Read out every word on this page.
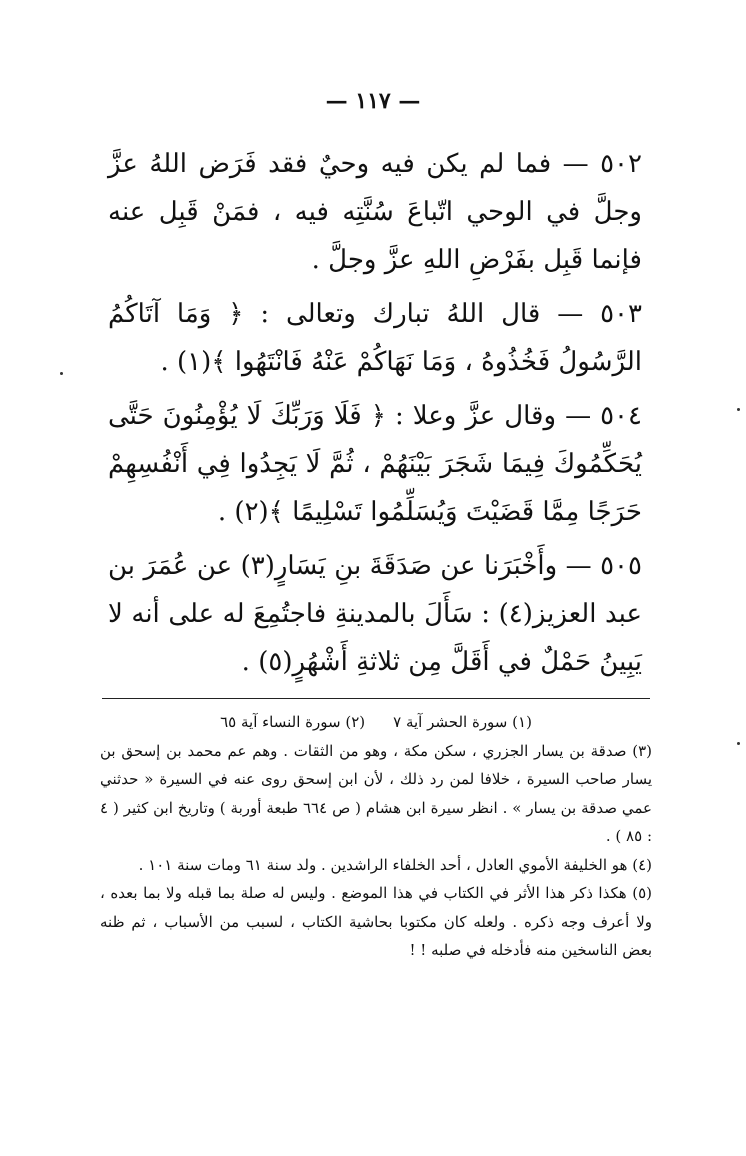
— ١١٧ —

٥٠٢ — فما لم يكن فيه وحيٌ فقد فَرَض اللهُ عزَّ وجلَّ في الوحي اتّباعَ سُنَّتِه فيه ، فمَنْ قَبِل عنه فإنما قَبِل بفَرْضِ اللهِ عزَّ وجلَّ .

٥٠٣ — قال اللهُ تبارك وتعالى : ﴿ وَمَا آتَاكُمُ الرَّسُولُ فَخُذُوهُ ، وَمَا نَهَاكُمْ عَنْهُ فَانْتَهُوا ﴾(١) .

٥٠٤ — وقال عزَّ وعلا : ﴿ فَلَا وَرَبِّكَ لَا يُؤْمِنُونَ حَتَّى يُحَكِّمُوكَ فِيمَا شَجَرَ بَيْنَهُمْ ، ثُمَّ لَا يَجِدُوا فِي أَنْفُسِهِمْ حَرَجًا مِمَّا قَضَيْتَ وَيُسَلِّمُوا تَسْلِيمًا ﴾(٢) .

٥٠٥ — وأَخْبَرَنا عن صَدَقَةَ بنِ يَسَارٍ(٣) عن عُمَرَ بن عبد العزيز(٤) : سَأَلَ بالمدينةِ فاجتُمِعَ له على أنه لا يَبِينُ حَمْلٌ في أَقَلَّ مِن ثلاثةِ أَشْهُرٍ(٥) .

(١) سورة الحشر آية ٧
(٢) سورة النساء آية ٦٥

(٣) صدقة بن يسار الجزري ، سكن مكة ، وهو من الثقات . وهم عم محمد بن إسحق بن يسار صاحب السيرة ، خلافا لمن رد ذلك ، لأن ابن إسحق روى عنه في السيرة « حدثني عمي صدقة بن يسار » . انظر سيرة ابن هشام ( ص ٦٦٤ طبعة أوربة ) وتاريخ ابن كثير ( ٤ : ٨٥ ) .

(٤) هو الخليفة الأموي العادل ، أحد الخلفاء الراشدين . ولد سنة ٦١ ومات سنة ١٠١ .

(٥) هكذا ذكر هذا الأثر في الكتاب في هذا الموضع . وليس له صلة بما قبله ولا بما بعده ، ولا أعرف وجه ذكره . ولعله كان مكتوبا بحاشية الكتاب ، لسبب من الأسباب ، ثم ظنه بعض الناسخين منه فأدخله في صلبه ! !
